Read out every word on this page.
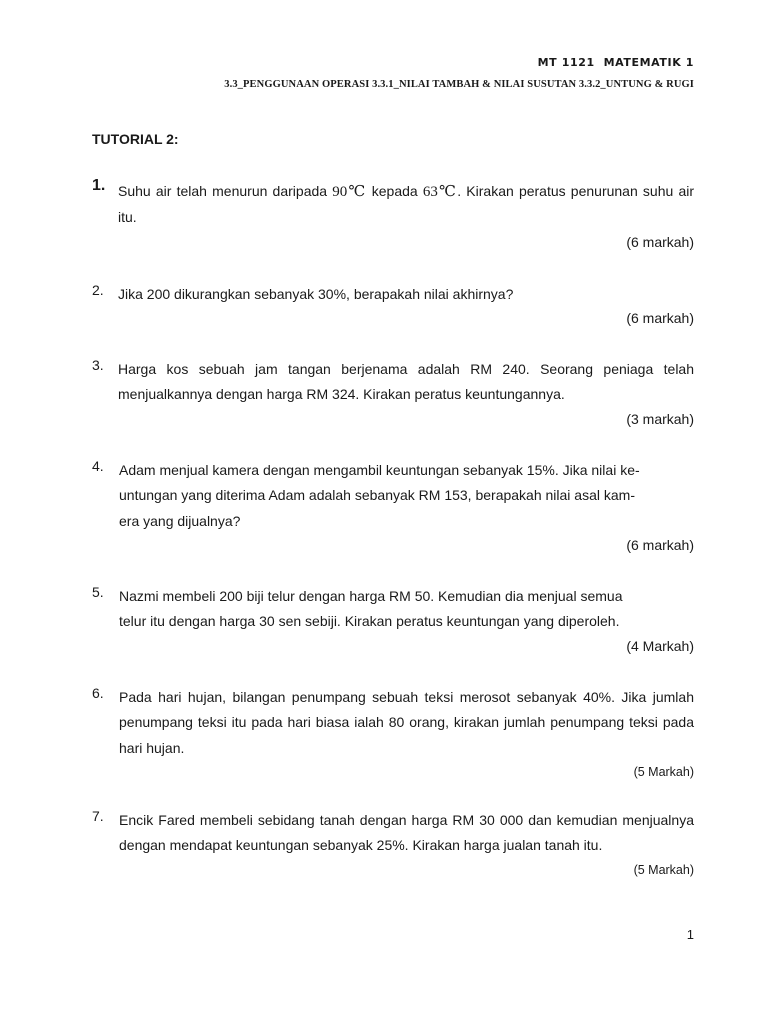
MT 1121  MATEMATIK 1
3.3_PENGGUNAAN OPERASI 3.3.1_NILAI TAMBAH & NILAI SUSUTAN 3.3.2_UNTUNG & RUGI
TUTORIAL 2:
1. Suhu air telah menurun daripada 90℃ kepada 63℃. Kirakan peratus penurunan suhu air itu.
(6 markah)
2. Jika 200 dikurangkan sebanyak 30%, berapakah nilai akhirnya?
(6 markah)
3. Harga kos sebuah jam tangan berjenama adalah RM 240. Seorang peniaga telah menjualkannya dengan harga RM 324. Kirakan peratus keuntungannya.
(3 markah)
4. Adam menjual kamera dengan mengambil keuntungan sebanyak 15%. Jika nilai ke-
untungan yang diterima Adam adalah sebanyak RM 153, berapakah nilai asal kam-
era yang dijualnya?
(6 markah)
5. Nazmi membeli 200 biji telur dengan harga RM 50. Kemudian dia menjual semua
telur itu dengan harga 30 sen sebiji. Kirakan peratus keuntungan yang diperoleh.
(4 Markah)
6. Pada hari hujan, bilangan penumpang sebuah teksi merosot sebanyak 40%. Jika jumlah penumpang teksi itu pada hari biasa ialah 80 orang, kirakan jumlah penumpang teksi pada hari hujan.
(5 Markah)
7. Encik Fared membeli sebidang tanah dengan harga RM 30 000 dan kemudian menjualnya dengan mendapat keuntungan sebanyak 25%. Kirakan harga jualan tanah itu.
(5 Markah)
1
